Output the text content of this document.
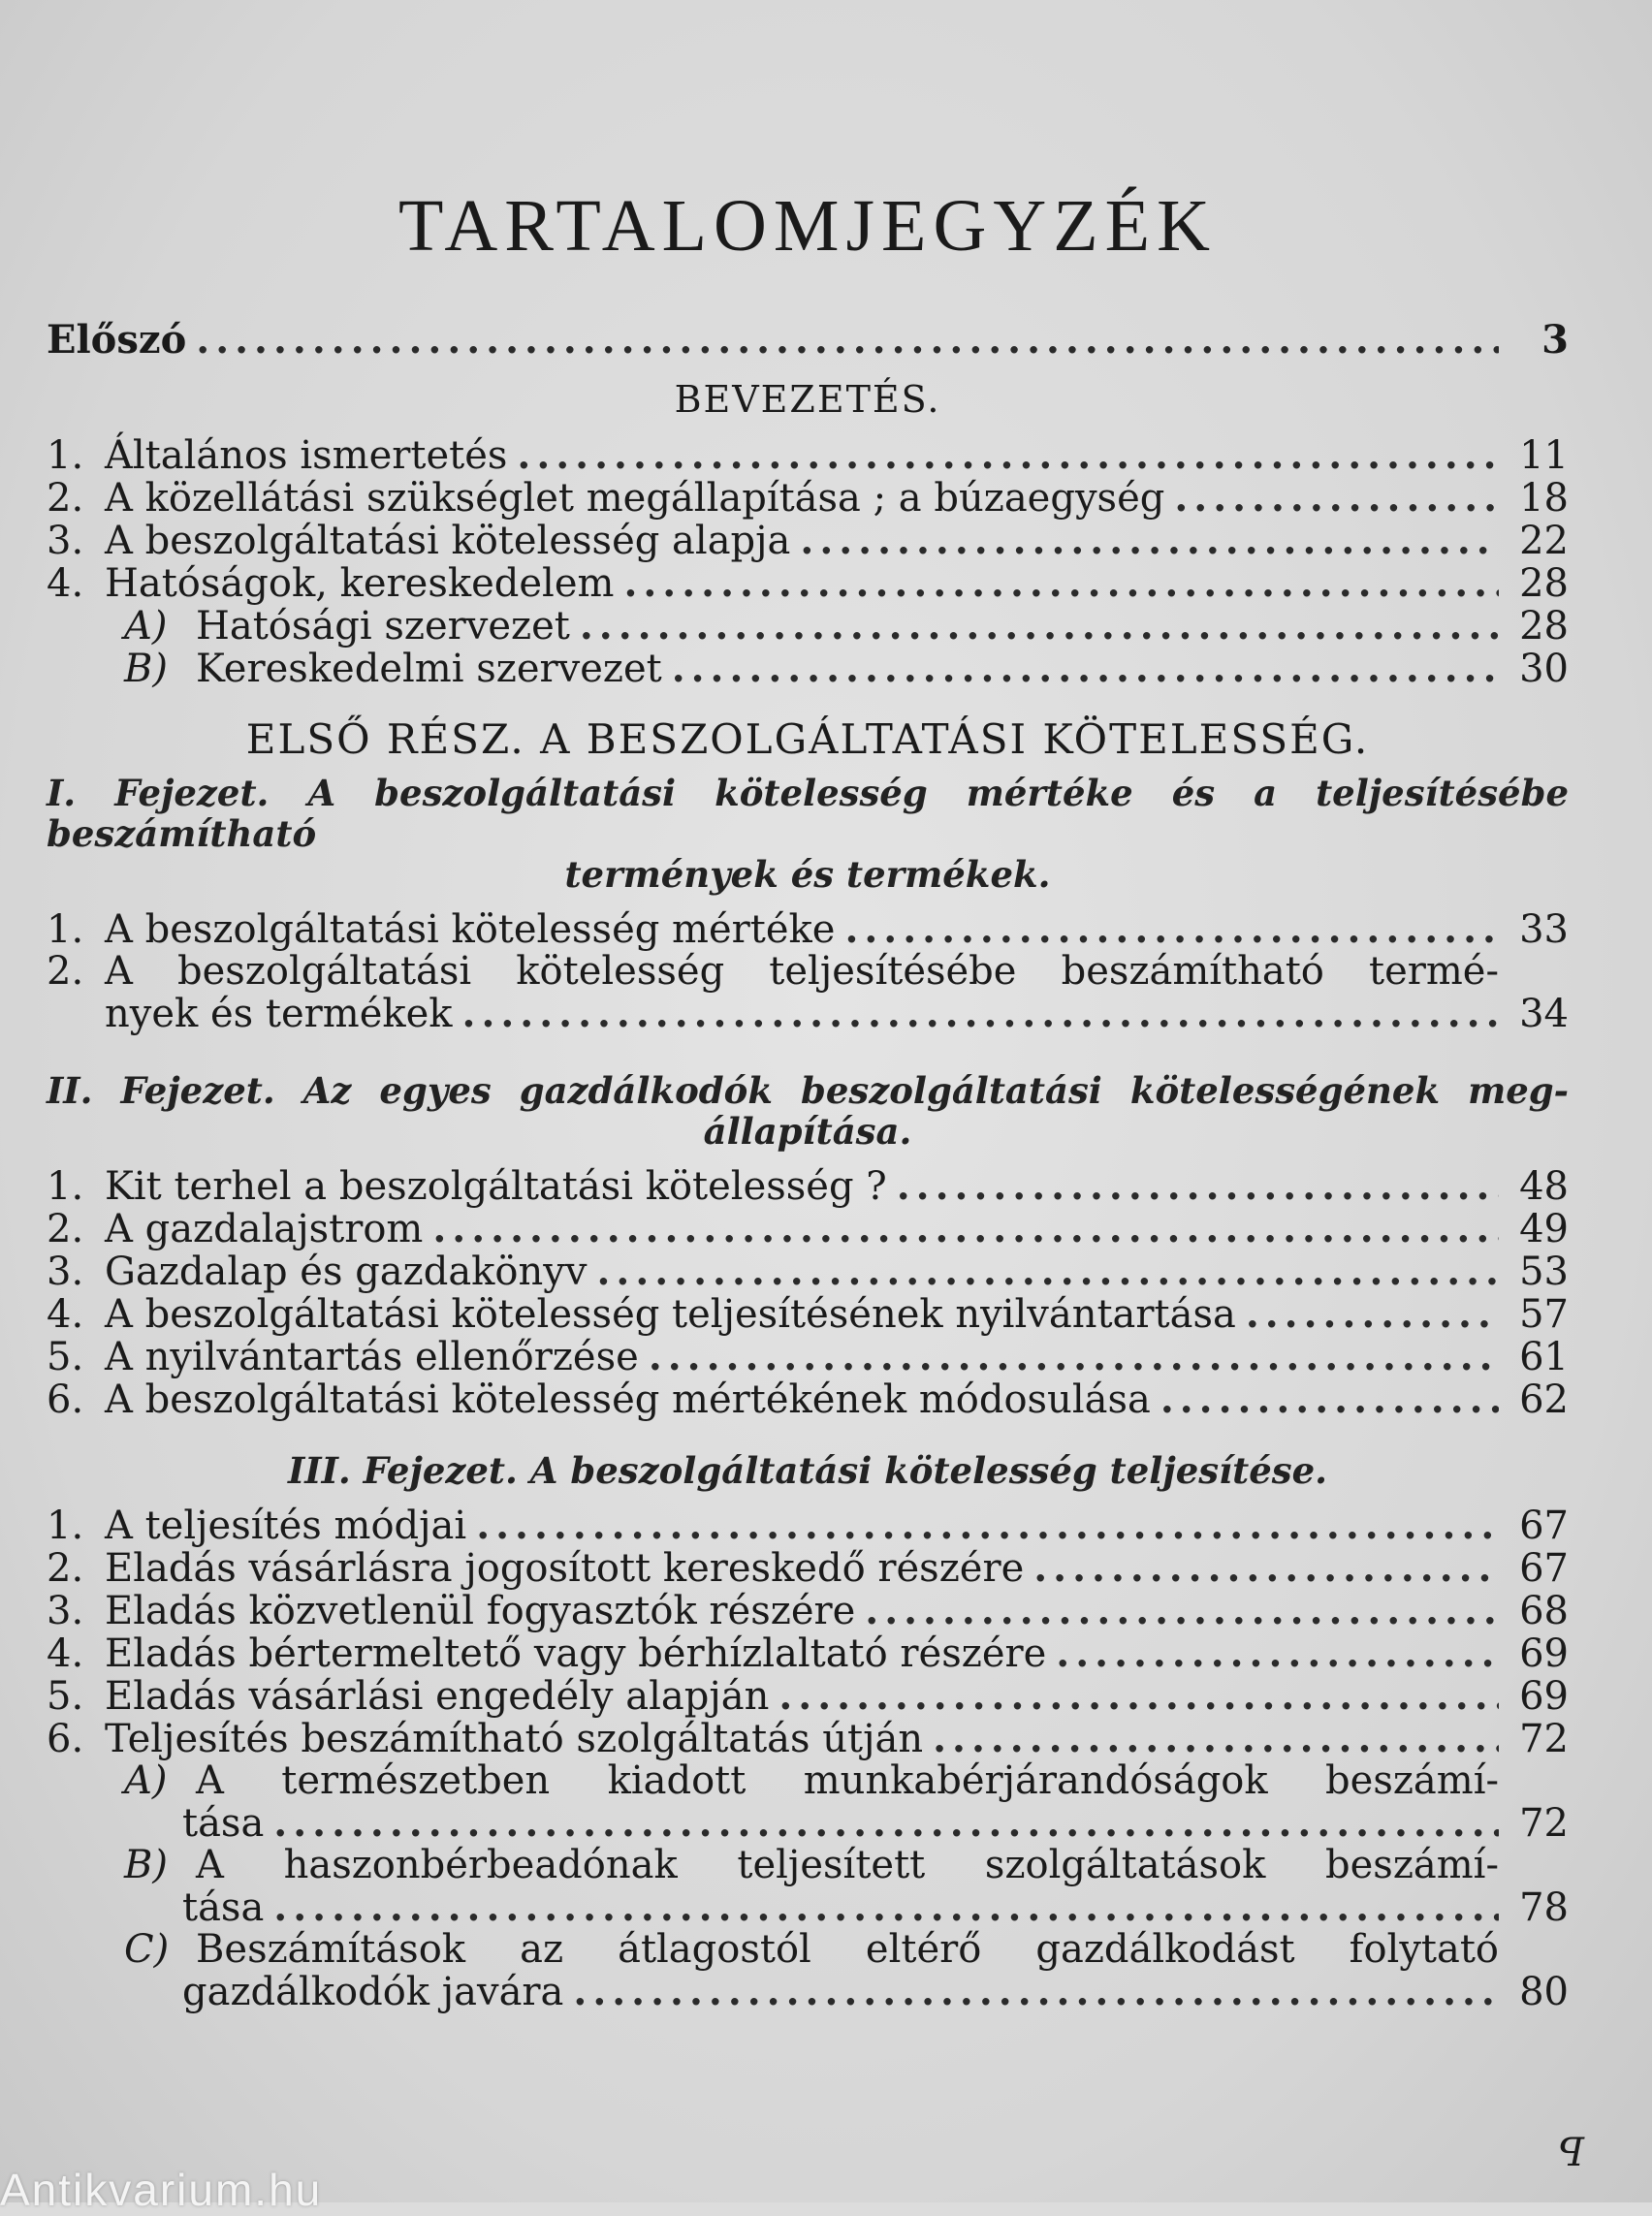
TARTALOMJEGYZÉK
Előszó .....	3
BEVEZETÉS.
1. Általános ismertetés .....	11
2. A közellátási szükséglet megállapítása ; a búzaegység .....	18
3. A beszolgáltatási kötelesség alapja .....	22
4. Hatóságok, kereskedelem .....	28
A) Hatósági szervezet .....	28
B) Kereskedelmi szervezet .....	30
ELSŐ RÉSZ. A BESZOLGÁLTATÁSI KÖTELESSÉG.
I. Fejezet. A beszolgáltatási kötelesség mértéke és a teljesítésébe beszámítható
termények és termékek.
1. A beszolgáltatási kötelesség mértéke .....	33
2. A beszolgáltatási kötelesség teljesítésébe beszámítható termé-
nyek és termékek .....	34
II. Fejezet. Az egyes gazdálkodók beszolgáltatási kötelességének meg-
állapítása.
1. Kit terhel a beszolgáltatási kötelesség ? .....	48
2. A gazdalajstrom .....	49
3. Gazdalap és gazdakönyv .....	53
4. A beszolgáltatási kötelesség teljesítésének nyilvántartása .....	57
5. A nyilvántartás ellenőrzése .....	61
6. A beszolgáltatási kötelesség mértékének módosulása .....	62
III. Fejezet. A beszolgáltatási kötelesség teljesítése.
1. A teljesítés módjai .....	67
2. Eladás vásárlásra jogosított kereskedő részére .....	67
3. Eladás közvetlenül fogyasztók részére .....	68
4. Eladás bértermeltető vagy bérhízlaltató részére .....	69
5. Eladás vásárlási engedély alapján .....	69
6. Teljesítés beszámítható szolgáltatás útján .....	72
A) A természetben kiadott munkabérjárandóságok beszámí-
tása .....	72
B) A haszonbérbeadónak teljesített szolgáltatások beszámí-
tása .....	78
C) Beszámítások az átlagostól eltérő gazdálkodást folytató
gazdálkodók javára .....	80
ꟼ
Antikvarium.hu
